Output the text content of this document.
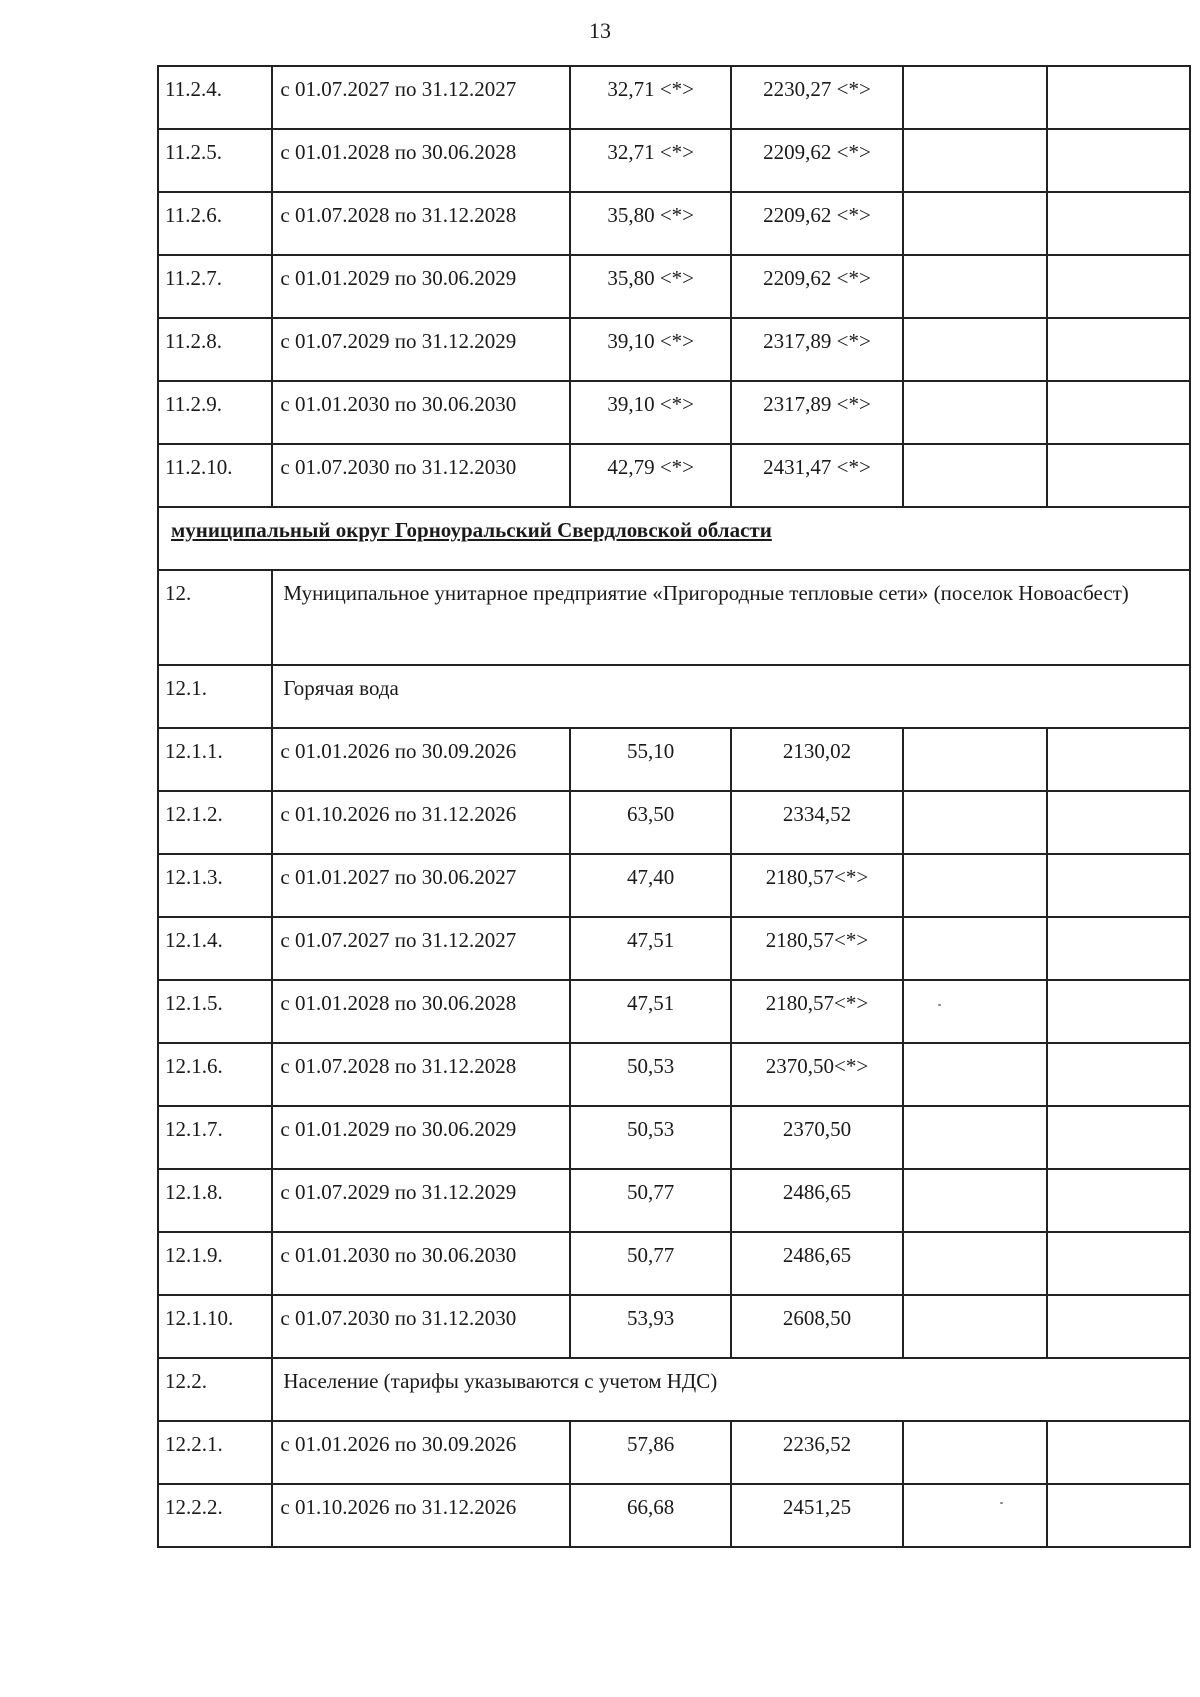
13
11.2.4.	с 01.07.2027 по 31.12.2027	32,71 <*>	2230,27 <*>		
11.2.5.	с 01.01.2028 по 30.06.2028	32,71 <*>	2209,62 <*>		
11.2.6.	с 01.07.2028 по 31.12.2028	35,80 <*>	2209,62 <*>		
11.2.7.	с 01.01.2029 по 30.06.2029	35,80 <*>	2209,62 <*>		
11.2.8.	с 01.07.2029 по 31.12.2029	39,10 <*>	2317,89 <*>		
11.2.9.	с 01.01.2030 по 30.06.2030	39,10 <*>	2317,89 <*>		
11.2.10.	с 01.07.2030 по 31.12.2030	42,79 <*>	2431,47 <*>		
муниципальный округ Горноуральский Свердловской области					
12.	Муниципальное унитарное предприятие «Пригородные тепловые сети» (поселок Новоасбест)				
12.1.	Горячая вода				
12.1.1.	с 01.01.2026 по 30.09.2026	55,10	2130,02		
12.1.2.	с 01.10.2026 по 31.12.2026	63,50	2334,52		
12.1.3.	с 01.01.2027 по 30.06.2027	47,40	2180,57<*>		
12.1.4.	с 01.07.2027 по 31.12.2027	47,51	2180,57<*>		
12.1.5.	с 01.01.2028 по 30.06.2028	47,51	2180,57<*>		
12.1.6.	с 01.07.2028 по 31.12.2028	50,53	2370,50<*>		
12.1.7.	с 01.01.2029 по 30.06.2029	50,53	2370,50		
12.1.8.	с 01.07.2029 по 31.12.2029	50,77	2486,65		
12.1.9.	с 01.01.2030 по 30.06.2030	50,77	2486,65		
12.1.10.	с 01.07.2030 по 31.12.2030	53,93	2608,50		
12.2.	Население (тарифы указываются с учетом НДС)				
12.2.1.	с 01.01.2026 по 30.09.2026	57,86	2236,52		
12.2.2.	с 01.10.2026 по 31.12.2026	66,68	2451,25		
